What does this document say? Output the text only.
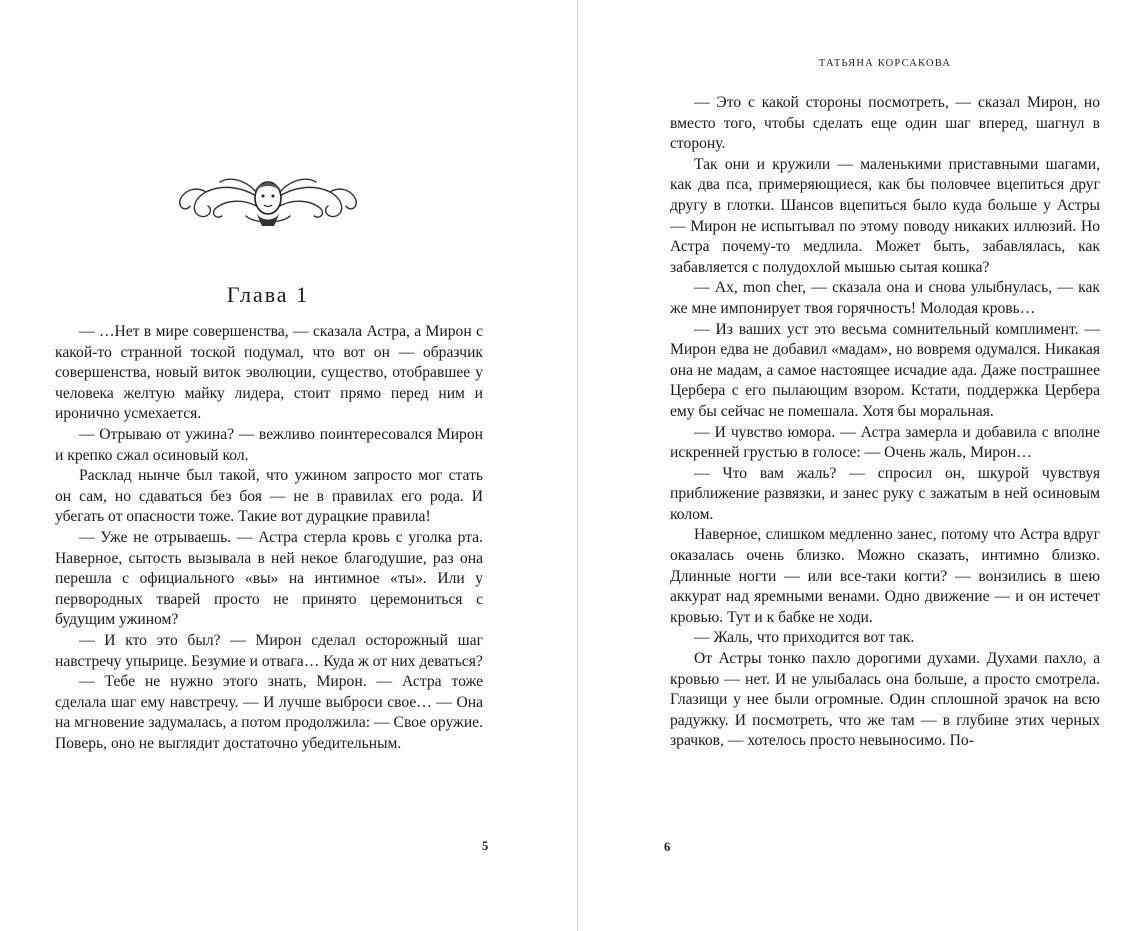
Глава 1

— …Нет в мире совершенства, — сказала Астра, а Мирон с какой-то странной тоской подумал, что вот он — образчик совершенства, новый виток эволюции, существо, отобравшее у человека желтую майку лидера, стоит прямо перед ним и иронично усмехается.

— Отрываю от ужина? — вежливо поинтересовался Мирон и крепко сжал осиновый кол.

Расклад нынче был такой, что ужином запросто мог стать он сам, но сдаваться без боя — не в правилах его рода. И убегать от опасности тоже. Такие вот дурацкие правила!

— Уже не отрываешь. — Астра стерла кровь с уголка рта. Наверное, сытость вызывала в ней некое благодушие, раз она перешла с официального «вы» на интимное «ты». Или у первородных тварей просто не принято церемониться с будущим ужином?

— И кто это был? — Мирон сделал осторожный шаг навстречу упырице. Безумие и отвага… Куда ж от них деваться?

— Тебе не нужно этого знать, Мирон. — Астра тоже сделала шаг ему навстречу. — И лучше выброси свое… — Она на мгновение задумалась, а потом продолжила: — Свое оружие. Поверь, оно не выглядит достаточно убедительным.

5
ТАТЬЯНА КОРСАКОВА

— Это с какой стороны посмотреть, — сказал Мирон, но вместо того, чтобы сделать еще один шаг вперед, шагнул в сторону.

Так они и кружили — маленькими приставными шагами, как два пса, примеряющиеся, как бы половчее вцепиться друг другу в глотки. Шансов вцепиться было куда больше у Астры — Мирон не испытывал по этому поводу никаких иллюзий. Но Астра почему-то медлила. Может быть, забавлялась, как забавляется с полудохлой мышью сытая кошка?

— Ах, mon cher, — сказала она и снова улыбнулась, — как же мне импонирует твоя горячность! Молодая кровь…

— Из ваших уст это весьма сомнительный комплимент. — Мирон едва не добавил «мадам», но вовремя одумался. Никакая она не мадам, а самое настоящее исчадие ада. Даже пострашнее Цербера с его пылающим взором. Кстати, поддержка Цербера ему бы сейчас не помешала. Хотя бы моральная.

— И чувство юмора. — Астра замерла и добавила с вполне искренней грустью в голосе: — Очень жаль, Мирон…

— Что вам жаль? — спросил он, шкурой чувствуя приближение развязки, и занес руку с зажатым в ней осиновым колом.

Наверное, слишком медленно занес, потому что Астра вдруг оказалась очень близко. Можно сказать, интимно близко. Длинные ногти — или все-таки когти? — вонзились в шею аккурат над яремными венами. Одно движение — и он истечет кровью. Тут и к бабке не ходи.

— Жаль, что приходится вот так.

От Астры тонко пахло дорогими духами. Духами пахло, а кровью — нет. И не улыбалась она больше, а просто смотрела. Глазищи у нее были огромные. Один сплошной зрачок на всю радужку. И посмотреть, что же там — в глубине этих черных зрачков, — хотелось просто невыносимо. По-

6
